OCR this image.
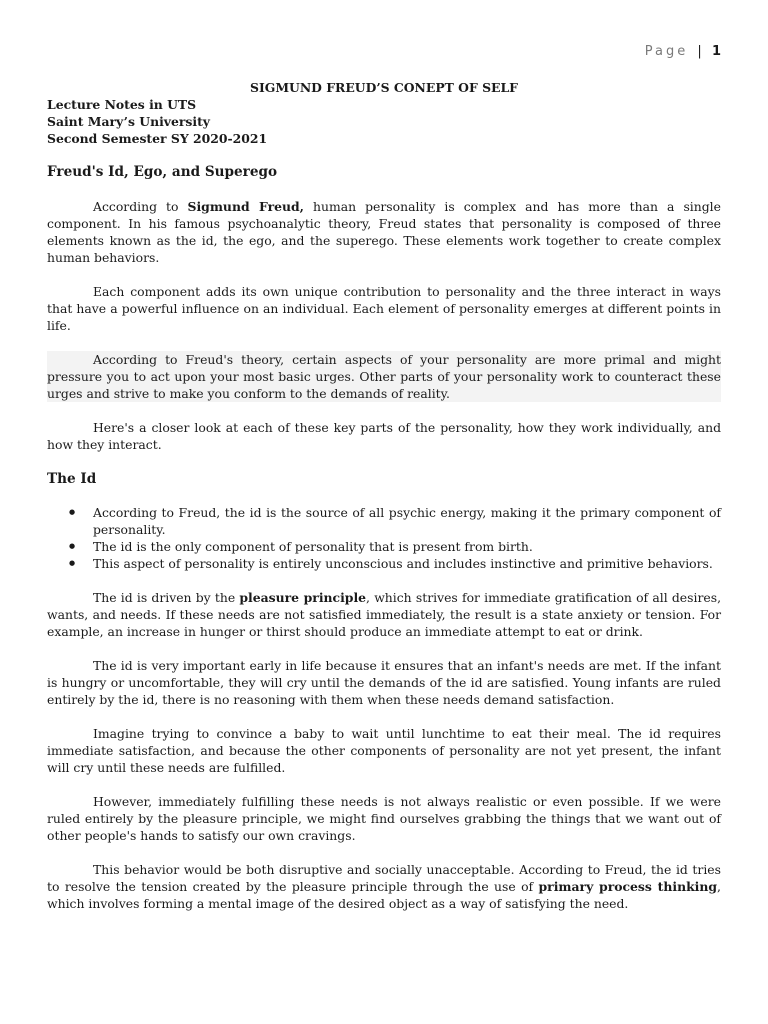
Page | 1
SIGMUND FREUD’S CONEPT OF SELF
Lecture Notes in UTS
Saint Mary’s University
Second Semester SY 2020-2021
Freud's Id, Ego, and Superego

According to Sigmund Freud, human personality is complex and has more than a single component. In his famous psychoanalytic theory, Freud states that personality is composed of three elements known as the id, the ego, and the superego. These elements work together to create complex human behaviors.

Each component adds its own unique contribution to personality and the three interact in ways that have a powerful influence on an individual. Each element of personality emerges at different points in life.

According to Freud's theory, certain aspects of your personality are more primal and might pressure you to act upon your most basic urges. Other parts of your personality work to counteract these urges and strive to make you conform to the demands of reality.

Here's a closer look at each of these key parts of the personality, how they work individually, and how they interact.

The Id
● According to Freud, the id is the source of all psychic energy, making it the primary component of personality.
● The id is the only component of personality that is present from birth.
● This aspect of personality is entirely unconscious and includes instinctive and primitive behaviors.

The id is driven by the pleasure principle, which strives for immediate gratification of all desires, wants, and needs. If these needs are not satisfied immediately, the result is a state anxiety or tension. For example, an increase in hunger or thirst should produce an immediate attempt to eat or drink.

The id is very important early in life because it ensures that an infant's needs are met. If the infant is hungry or uncomfortable, they will cry until the demands of the id are satisfied. Young infants are ruled entirely by the id, there is no reasoning with them when these needs demand satisfaction.

Imagine trying to convince a baby to wait until lunchtime to eat their meal. The id requires immediate satisfaction, and because the other components of personality are not yet present, the infant will cry until these needs are fulfilled.

However, immediately fulfilling these needs is not always realistic or even possible. If we were ruled entirely by the pleasure principle, we might find ourselves grabbing the things that we want out of other people's hands to satisfy our own cravings.

This behavior would be both disruptive and socially unacceptable. According to Freud, the id tries to resolve the tension created by the pleasure principle through the use of primary process thinking, which involves forming a mental image of the desired object as a way of satisfying the need.
